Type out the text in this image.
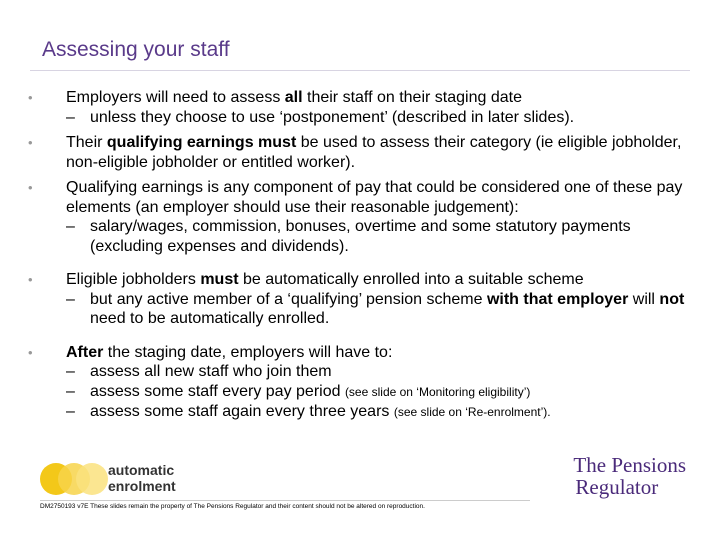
Assessing your staff
•	Employers will need to assess all their staff on their staging date
– unless they choose to use ‘postponement’ (described in later slides).
•	Their qualifying earnings must be used to assess their category (ie eligible jobholder, non-eligible jobholder or entitled worker).
•	Qualifying earnings is any component of pay that could be considered one of these pay elements (an employer should use their reasonable judgement):
– salary/wages, commission, bonuses, overtime and some statutory payments (excluding expenses and dividends).
•	Eligible jobholders must be automatically enrolled into a suitable scheme
– but any active member of a ‘qualifying’ pension scheme with that employer will not need to be automatically enrolled.
•	After the staging date, employers will have to:
– assess all new staff who join them
– assess some staff every pay period (see slide on ‘Monitoring eligibility’)
– assess some staff again every three years (see slide on ‘Re-enrolment’).
automatic
enrolment
The Pensions
Regulator
DM2750193 v7E These slides remain the property of The Pensions Regulator and their content should not be altered on reproduction.
